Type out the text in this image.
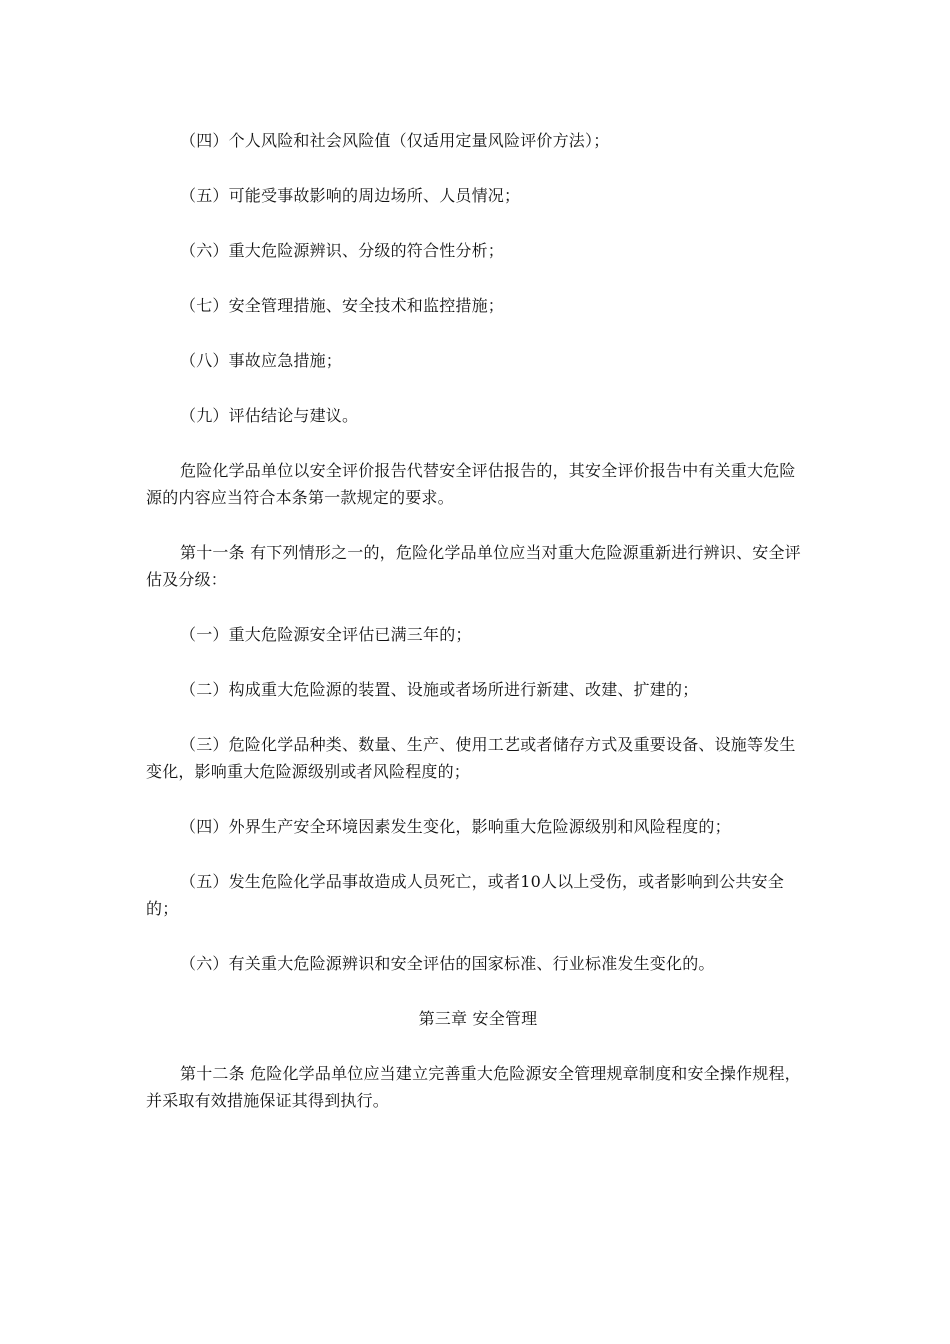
（四）个人风险和社会风险值（仅适用定量风险评价方法）；

（五）可能受事故影响的周边场所、人员情况；

（六）重大危险源辨识、分级的符合性分析；

（七）安全管理措施、安全技术和监控措施；

（八）事故应急措施；

（九）评估结论与建议。

危险化学品单位以安全评价报告代替安全评估报告的，其安全评价报告中有关重大危险源的内容应当符合本条第一款规定的要求。

第十一条 有下列情形之一的，危险化学品单位应当对重大危险源重新进行辨识、安全评估及分级：

（一）重大危险源安全评估已满三年的；

（二）构成重大危险源的装置、设施或者场所进行新建、改建、扩建的；

（三）危险化学品种类、数量、生产、使用工艺或者储存方式及重要设备、设施等发生变化，影响重大危险源级别或者风险程度的；

（四）外界生产安全环境因素发生变化，影响重大危险源级别和风险程度的；

（五）发生危险化学品事故造成人员死亡，或者10人以上受伤，或者影响到公共安全的；

（六）有关重大危险源辨识和安全评估的国家标准、行业标准发生变化的。

第三章 安全管理

第十二条 危险化学品单位应当建立完善重大危险源安全管理规章制度和安全操作规程，并采取有效措施保证其得到执行。
